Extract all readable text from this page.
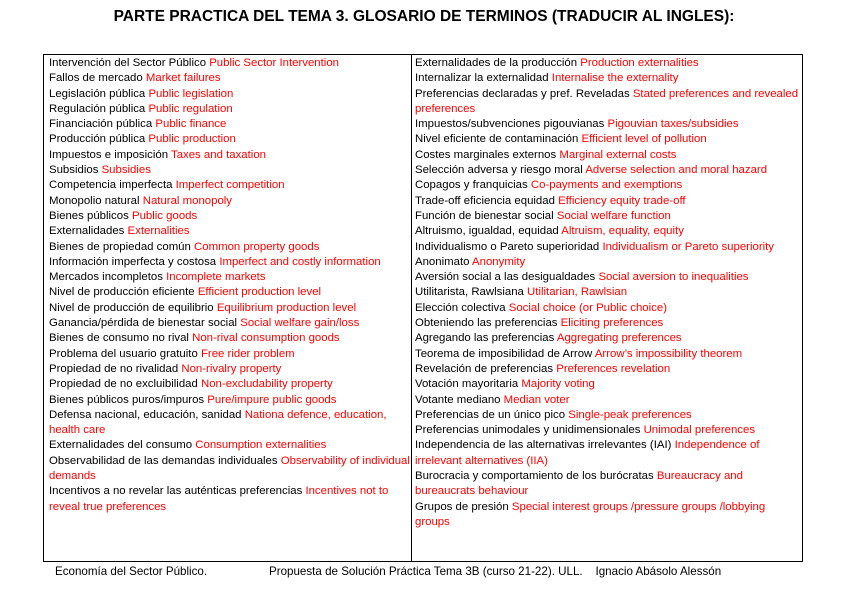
PARTE PRACTICA DEL TEMA 3. GLOSARIO DE TERMINOS (TRADUCIR AL INGLES):
Intervención del Sector Público Public Sector Intervention
Fallos de mercado Market failures
Legislación pública Public legislation
Regulación pública Public regulation
Financiación pública Public finance
Producción pública Public production
Impuestos e imposición Taxes and taxation
Subsidios Subsidies
Competencia imperfecta Imperfect competition
Monopolio natural Natural monopoly
Bienes públicos Public goods
Externalidades Externalities
Bienes de propiedad común Common property goods
Información imperfecta y costosa Imperfect and costly information
Mercados incompletos Incomplete markets
Nivel de producción eficiente Efficient production level
Nivel de producción de equilibrio Equilibrium production level
Ganancia/pérdida de bienestar social Social welfare gain/loss
Bienes de consumo no rival Non-rival consumption goods
Problema del usuario gratuito Free rider problem
Propiedad de no rivalidad Non-rivalry property
Propiedad de no excluibilidad Non-excludability property
Bienes públicos puros/impuros Pure/impure public goods
Defensa nacional, educación, sanidad Nationa defence, education, health care
Externalidades del consumo Consumption externalities
Observabilidad de las demandas individuales Observability of individual demands
Incentivos a no revelar las auténticas preferencias Incentives not to reveal true preferences
Externalidades de la producción Production externalities
Internalizar la externalidad Internalise the externality
Preferencias declaradas y pref. Reveladas Stated preferences and revealed preferences
Impuestos/subvenciones pigouvianas Pigouvian taxes/subsidies
Nivel eficiente de contaminación Efficient level of pollution
Costes marginales externos Marginal external costs
Selección adversa y riesgo moral Adverse selection and moral hazard
Copagos y franquicias Co-payments and exemptions
Trade-off eficiencia equidad Efficiency equity trade-off
Función de bienestar social Social welfare function
Altruismo, igualdad, equidad Altruism, equality, equity
Individualismo o Pareto superioridad Individualism or Pareto superiority
Anonimato Anonymity
Aversión social a las desigualdades Social aversion to inequalities
Utilitarista, Rawlsiana Utilitarian, Rawlsian
Elección colectiva Social choice (or Public choice)
Obteniendo las preferencias Eliciting preferences
Agregando las preferencias Aggregating preferences
Teorema de imposibilidad de Arrow Arrow’s impossibility theorem
Revelación de preferencias Preferences revelation
Votación mayoritaria Majority voting
Votante mediano Median voter
Preferencias de un único pico Single-peak preferences
Preferencias unimodales y unidimensionales Unimodal preferences
Independencia de las alternativas irrelevantes (IAI) Independence of irrelevant alternatives (IIA)
Burocracia y comportamiento de los burócratas Bureaucracy and bureaucrats behaviour
Grupos de presión Special interest groups /pressure groups /lobbying groups
Economía del Sector Público.	Propuesta de Solución Práctica Tema 3B (curso 21-22). ULL.    Ignacio Abásolo Alessón
